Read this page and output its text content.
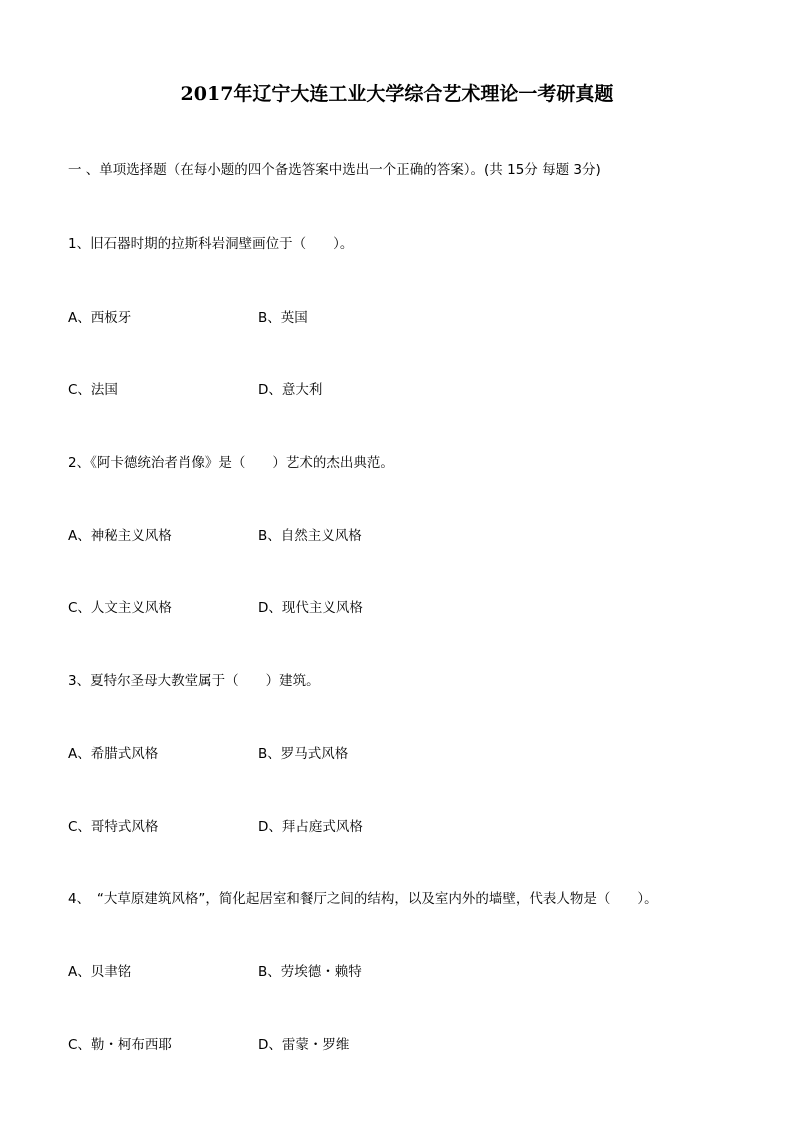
2017年辽宁大连工业大学综合艺术理论一考研真题
一 、单项选择题（在每小题的四个备选答案中选出一个正确的答案）。(共 15分 每题 3分)
1、旧石器时期的拉斯科岩洞壁画位于（　　）。
A、西板牙	B、英国
C、法国	D、意大利
2、《阿卡德统治者肖像》是（　　）艺术的杰出典范。
A、神秘主义风格	B、自然主义风格
C、人文主义风格	D、现代主义风格
3、夏特尔圣母大教堂属于（　　）建筑。
A、希腊式风格	B、罗马式风格
C、哥特式风格	D、拜占庭式风格
4、　“大草原建筑风格”，简化起居室和餐厅之间的结构，以及室内外的墙壁，代表人物是（　　）。
A、贝聿铭	B、劳埃德・赖特
C、勒・柯布西耶	D、雷蒙・罗维
